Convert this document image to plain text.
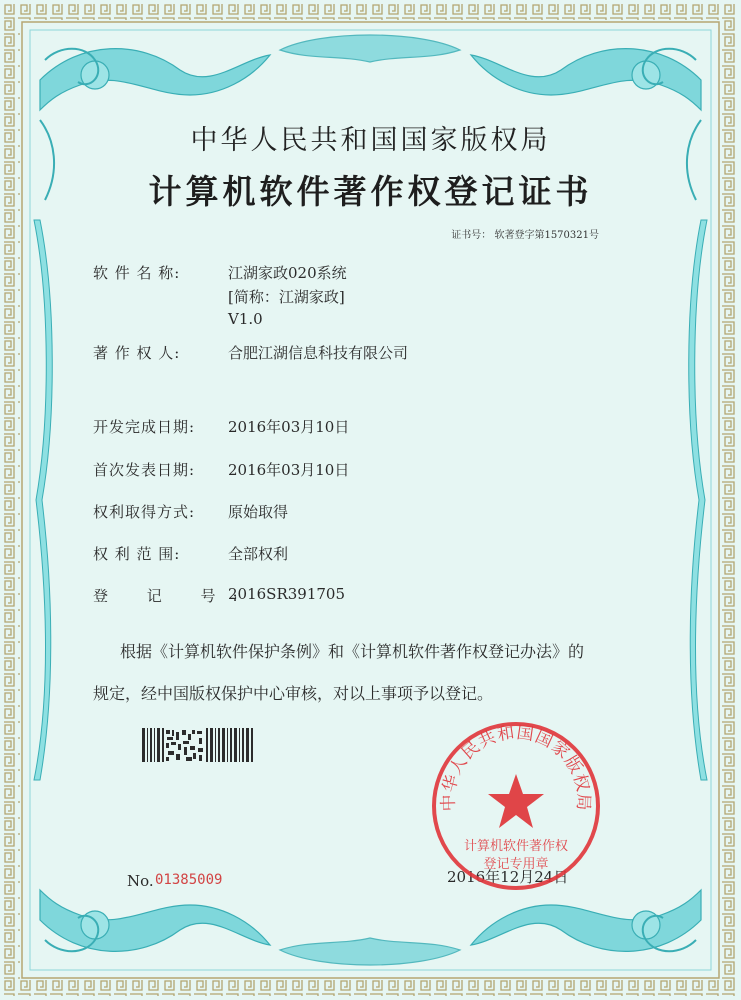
中华人民共和国国家版权局
计算机软件著作权登记证书
证书号： 软著登字第1570321号
软 件 名 称:	江湖家政020系统
[简称：江湖家政]
V1.0
著 作 权 人:	合肥江湖信息科技有限公司
开发完成日期: 2016年03月10日
首次发表日期: 2016年03月10日
权利取得方式: 原始取得
权 利 范 围:	全部权利
登 记 号:
2016SR391705
根据《计算机软件保护条例》和《计算机软件著作权登记办法》的
规定，经中国版权保护中心审核，对以上事项予以登记。
No. 01385009	2016年12月24日
中华人民共和国国家版权局
计算机软件著作权
登记专用章
